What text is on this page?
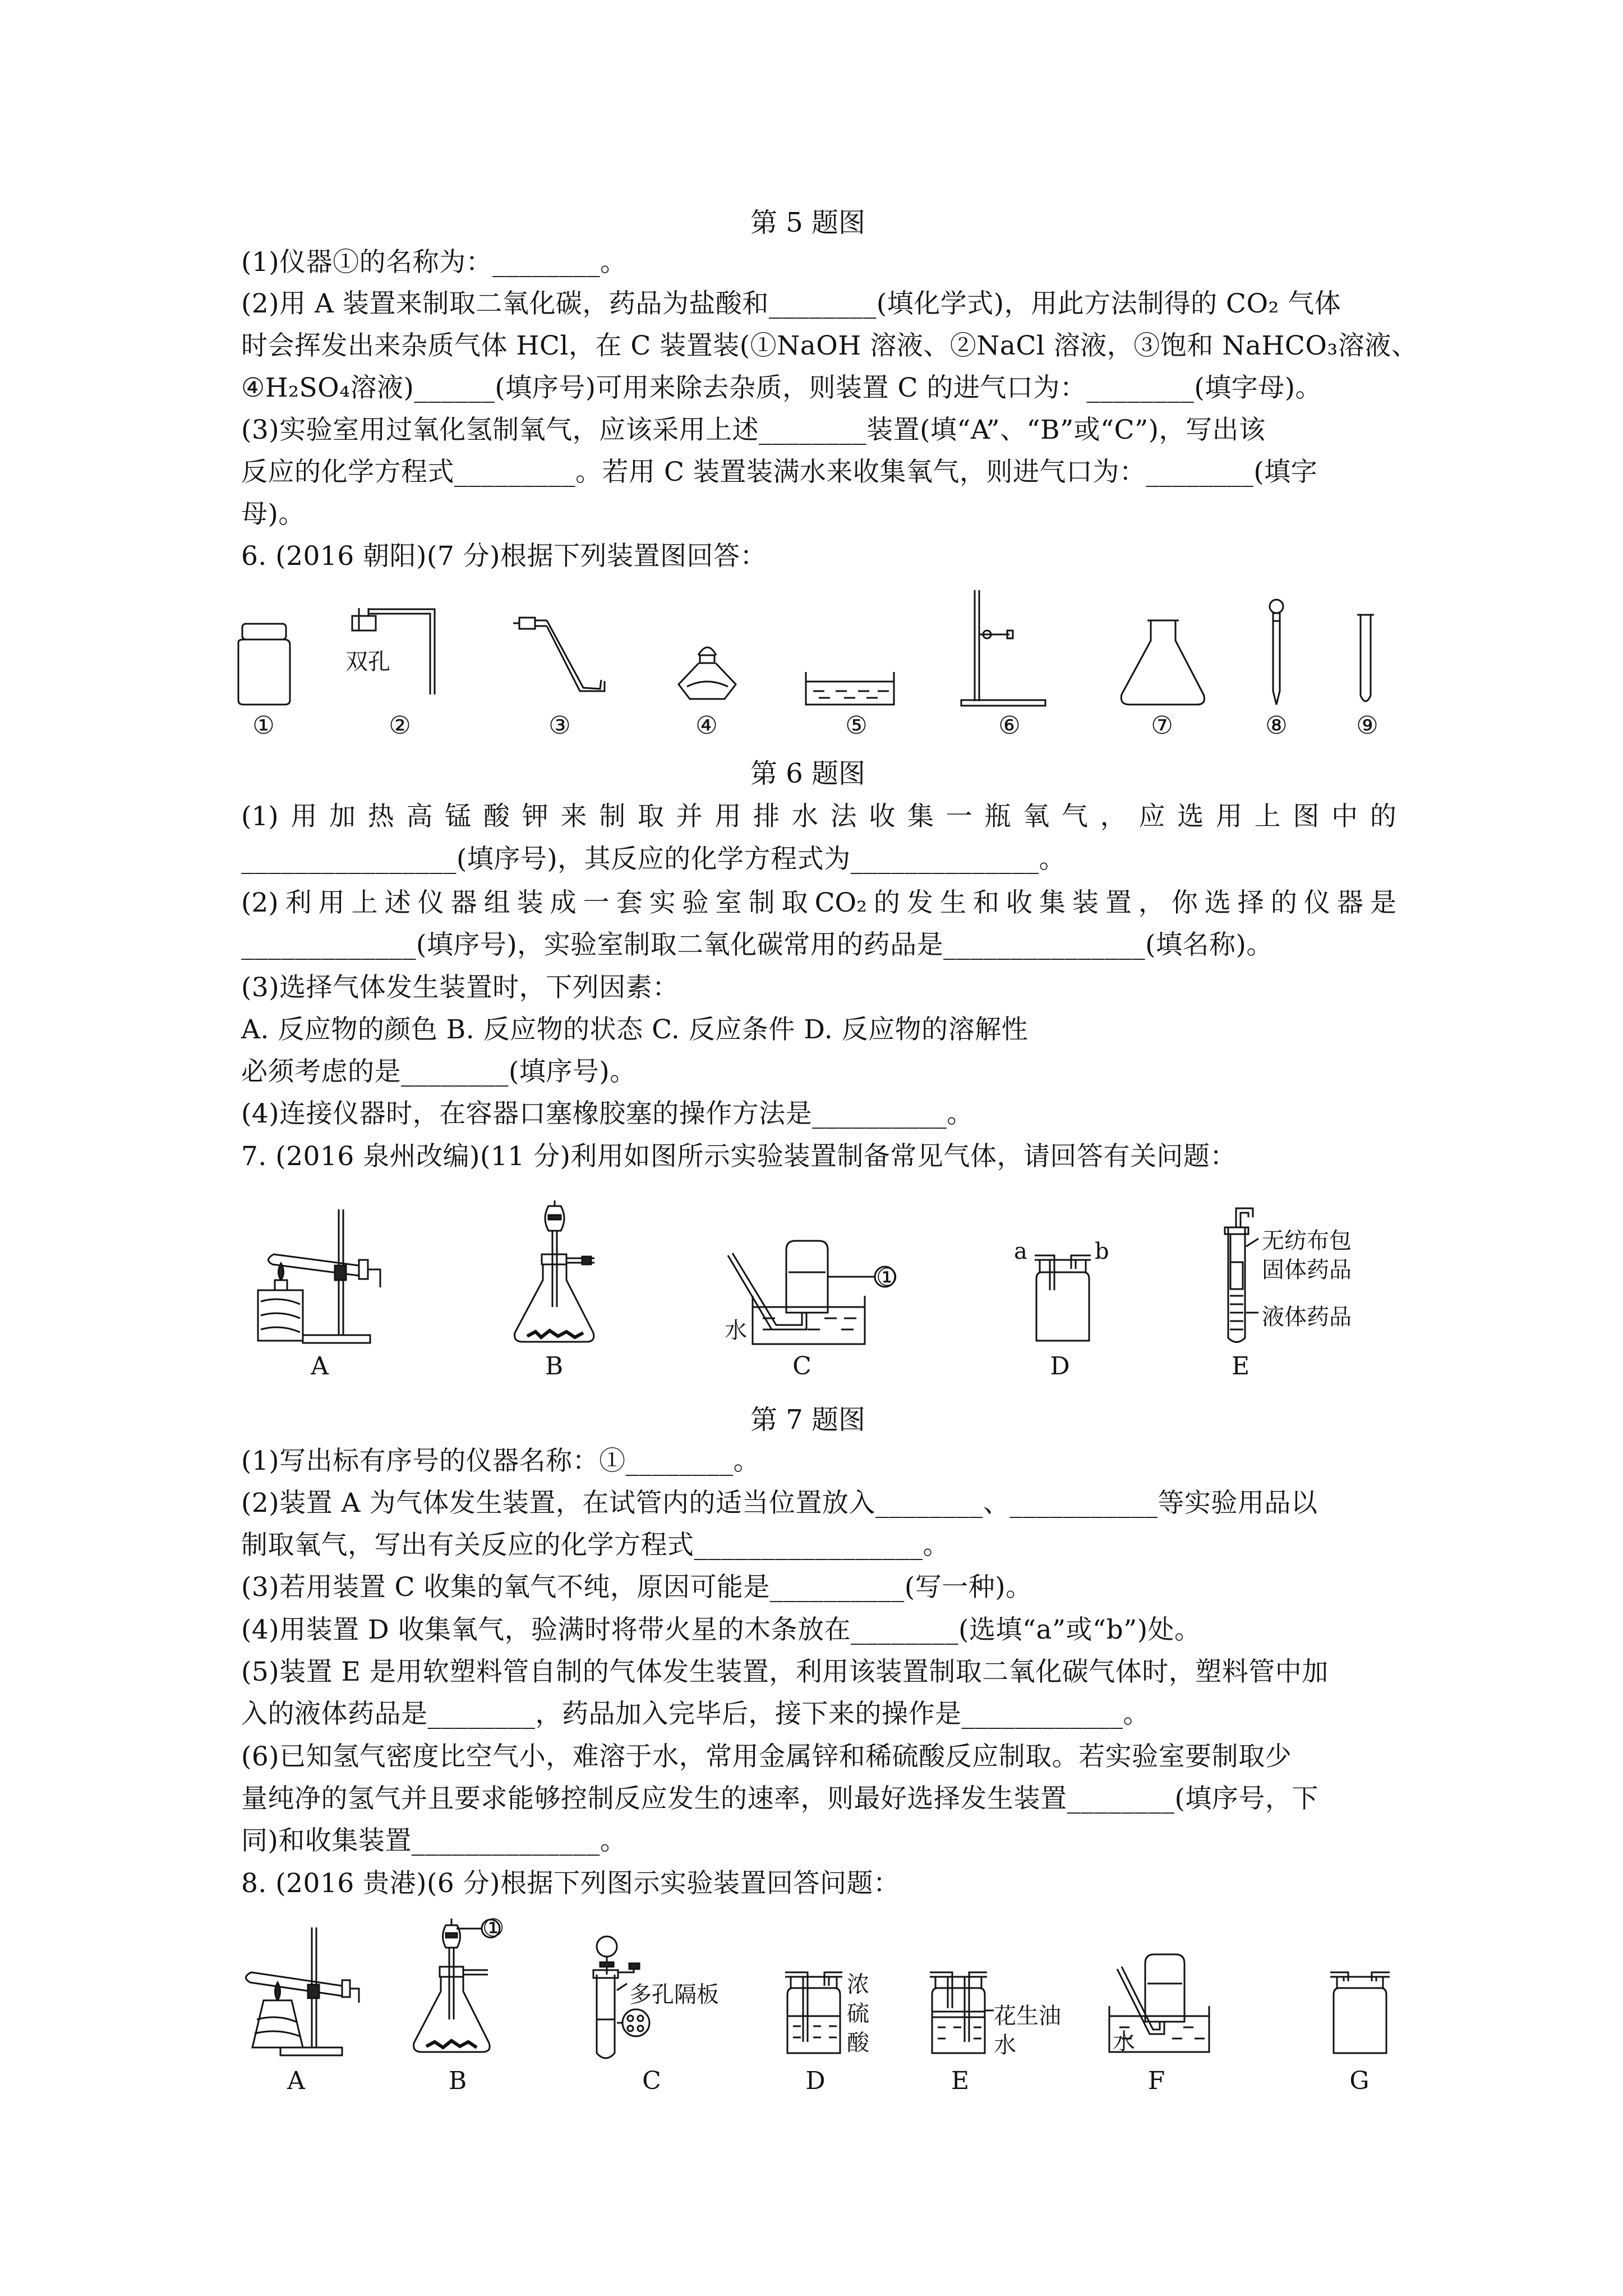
第 5 题图
(1)仪器①的名称为：________。
(2)用 A 装置来制取二氧化碳，药品为盐酸和________(填化学式)，用此方法制得的 CO₂ 气体
时会挥发出来杂质气体 HCl，在 C 装置装(①NaOH 溶液、②NaCl 溶液，③饱和 NaHCO₃溶液、
④H₂SO₄溶液)______(填序号)可用来除去杂质，则装置 C 的进气口为：________(填字母)。
(3)实验室用过氧化氢制氧气，应该采用上述________装置(填“A”、“B”或“C”)，写出该
反应的化学方程式_________。若用 C 装置装满水来收集氧气，则进气口为：________(填字
母)。
6. (2016 朝阳)(7 分)根据下列装置图回答：
双孔
①	②	③	④	⑤	⑥	⑦	⑧	⑨
第 6 题图
(1) 用 加 热 高 锰 酸 钾 来 制 取 并 用 排 水 法 收 集 一 瓶 氧 气 ， 应 选 用 上 图 中 的
________________(填序号)，其反应的化学方程式为______________。
(2) 利 用 上 述 仪 器 组 装 成 一 套 实 验 室 制 取 CO₂ 的 发 生 和 收 集 装 置 ， 你 选 择 的 仪 器 是
_____________(填序号)，实验室制取二氧化碳常用的药品是_______________(填名称)。
(3)选择气体发生装置时，下列因素：
A. 反应物的颜色 B. 反应物的状态 C. 反应条件 D. 反应物的溶解性
必须考虑的是________(填序号)。
(4)连接仪器时，在容器口塞橡胶塞的操作方法是__________。
7. (2016 泉州改编)(11 分)利用如图所示实验装置制备常见气体，请回答有关问题：
①
水
a	b	无纺布包
固体药品
液体药品
A	B	C	D	E
第 7 题图
(1)写出标有序号的仪器名称：①________。
(2)装置 A 为气体发生装置，在试管内的适当位置放入________、___________等实验用品以
制取氧气，写出有关反应的化学方程式_________________。
(3)若用装置 C 收集的氧气不纯，原因可能是__________(写一种)。
(4)用装置 D 收集氧气，验满时将带火星的木条放在________(选填“a”或“b”)处。
(5)装置 E 是用软塑料管自制的气体发生装置，利用该装置制取二氧化碳气体时，塑料管中加
入的液体药品是________，药品加入完毕后，接下来的操作是____________。
(6)已知氢气密度比空气小，难溶于水，常用金属锌和稀硫酸反应制取。若实验室要制取少
量纯净的氢气并且要求能够控制反应发生的速率，则最好选择发生装置________(填序号，下
同)和收集装置______________。
8. (2016 贵港)(6 分)根据下列图示实验装置回答问题：
①
多孔隔板	浓
硫
酸
花生油
水	水
A	B	C	D	E	F	G
